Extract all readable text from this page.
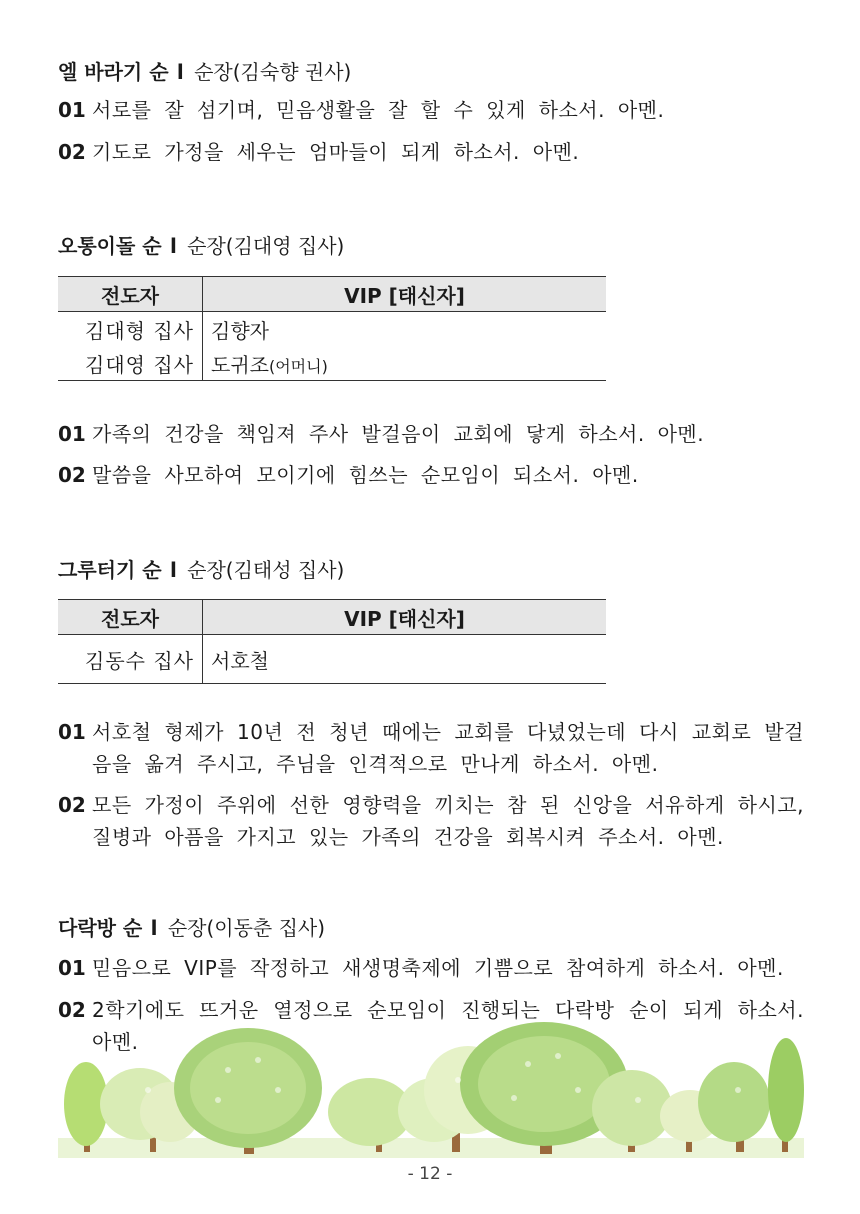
엘 바라기 순 l 순장(김숙향 권사)
01 서로를 잘 섬기며, 믿음생활을 잘 할 수 있게 하소서. 아멘.
02 기도로 가정을 세우는 엄마들이 되게 하소서. 아멘.
오통이돌 순 l 순장(김대영 집사)
전도자	VIP [태신자]
김대형 집사	김향자
김대영 집사	도귀조(어머니)
01 가족의 건강을 책임져 주사 발걸음이 교회에 닿게 하소서. 아멘.
02 말씀을 사모하여 모이기에 힘쓰는 순모임이 되소서. 아멘.
그루터기 순 l 순장(김태성 집사)
전도자	VIP [태신자]
김동수 집사	서호철
01 서호철 형제가 10년 전 청년 때에는 교회를 다녔었는데 다시 교회로 발걸음을 옮겨 주시고, 주님을 인격적으로 만나게 하소서. 아멘.
02 모든 가정이 주위에 선한 영향력을 끼치는 참 된 신앙을 서유하게 하시고, 질병과 아픔을 가지고 있는 가족의 건강을 회복시켜 주소서. 아멘.
다락방 순 l 순장(이동춘 집사)
01 믿음으로 VIP를 작정하고 새생명축제에 기쁨으로 참여하게 하소서. 아멘.
02 2학기에도 뜨거운 열정으로 순모임이 진행되는 다락방 순이 되게 하소서. 아멘.
- 12 -
